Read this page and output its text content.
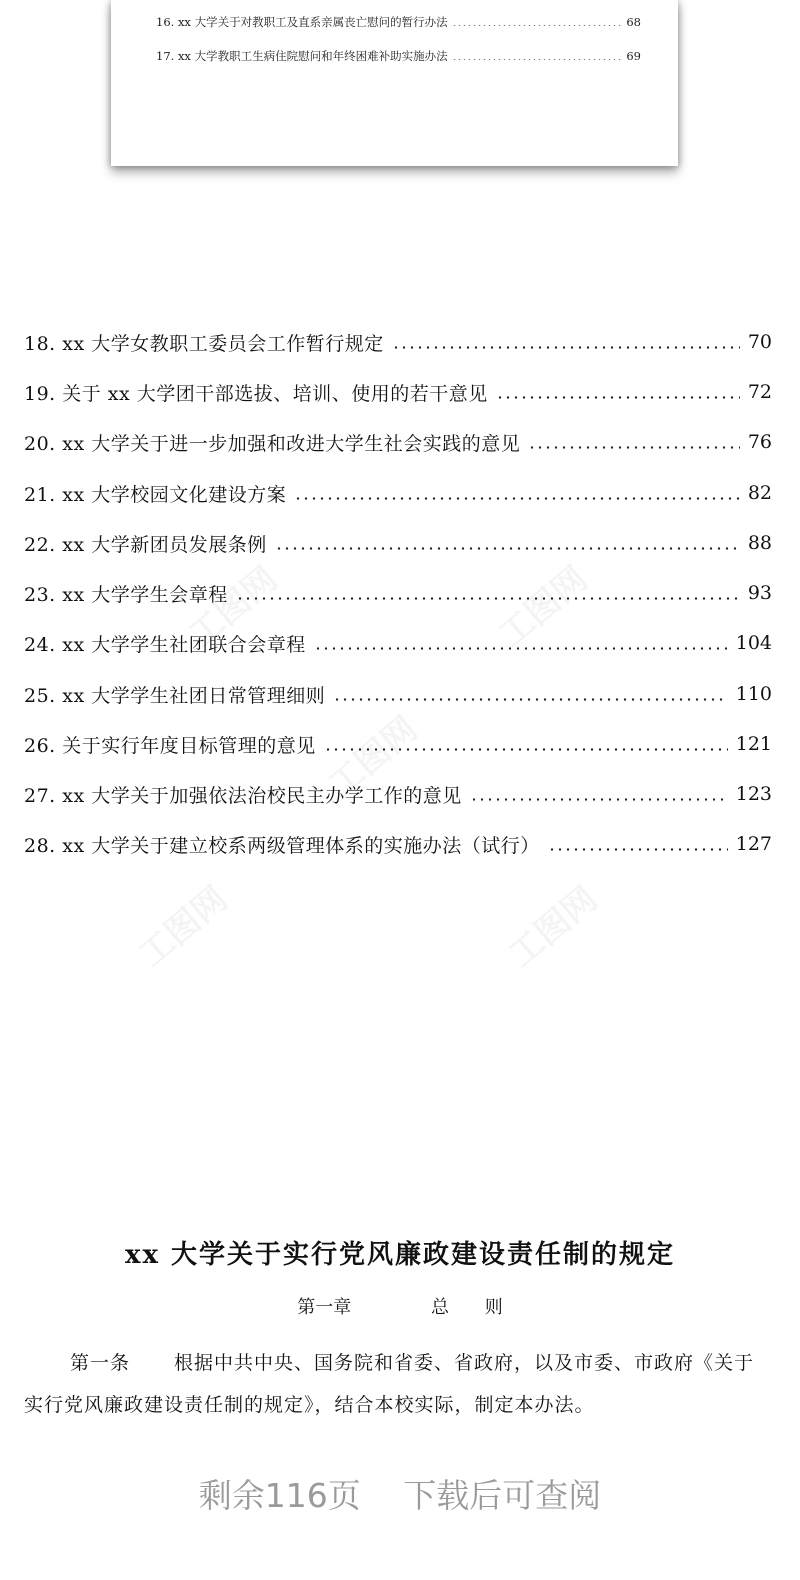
16. xx 大学关于对教职工及直系亲属丧亡慰问的暂行办法	68
17. xx 大学教职工生病住院慰问和年终困难补助实施办法	69
18. xx 大学女教职工委员会工作暂行规定	70
19. 关于 xx 大学团干部选拔、培训、使用的若干意见	72
20. xx 大学关于进一步加强和改进大学生社会实践的意见	76
21. xx 大学校园文化建设方案	82
22. xx 大学新团员发展条例	88
23. xx 大学学生会章程	93
24. xx 大学学生社团联合会章程	104
25. xx 大学学生社团日常管理细则	110
26. 关于实行年度目标管理的意见	121
27. xx 大学关于加强依法治校民主办学工作的意见	123
28. xx 大学关于建立校系两级管理体系的实施办法（试行）	127
xx 大学关于实行党风廉政建设责任制的规定
第一章	总 则
第一条 根据中共中央、国务院和省委、省政府，以及市委、市政府《关于实行党风廉政建设责任制的规定》，结合本校实际，制定本办法。
剩余116页 下载后可查阅
